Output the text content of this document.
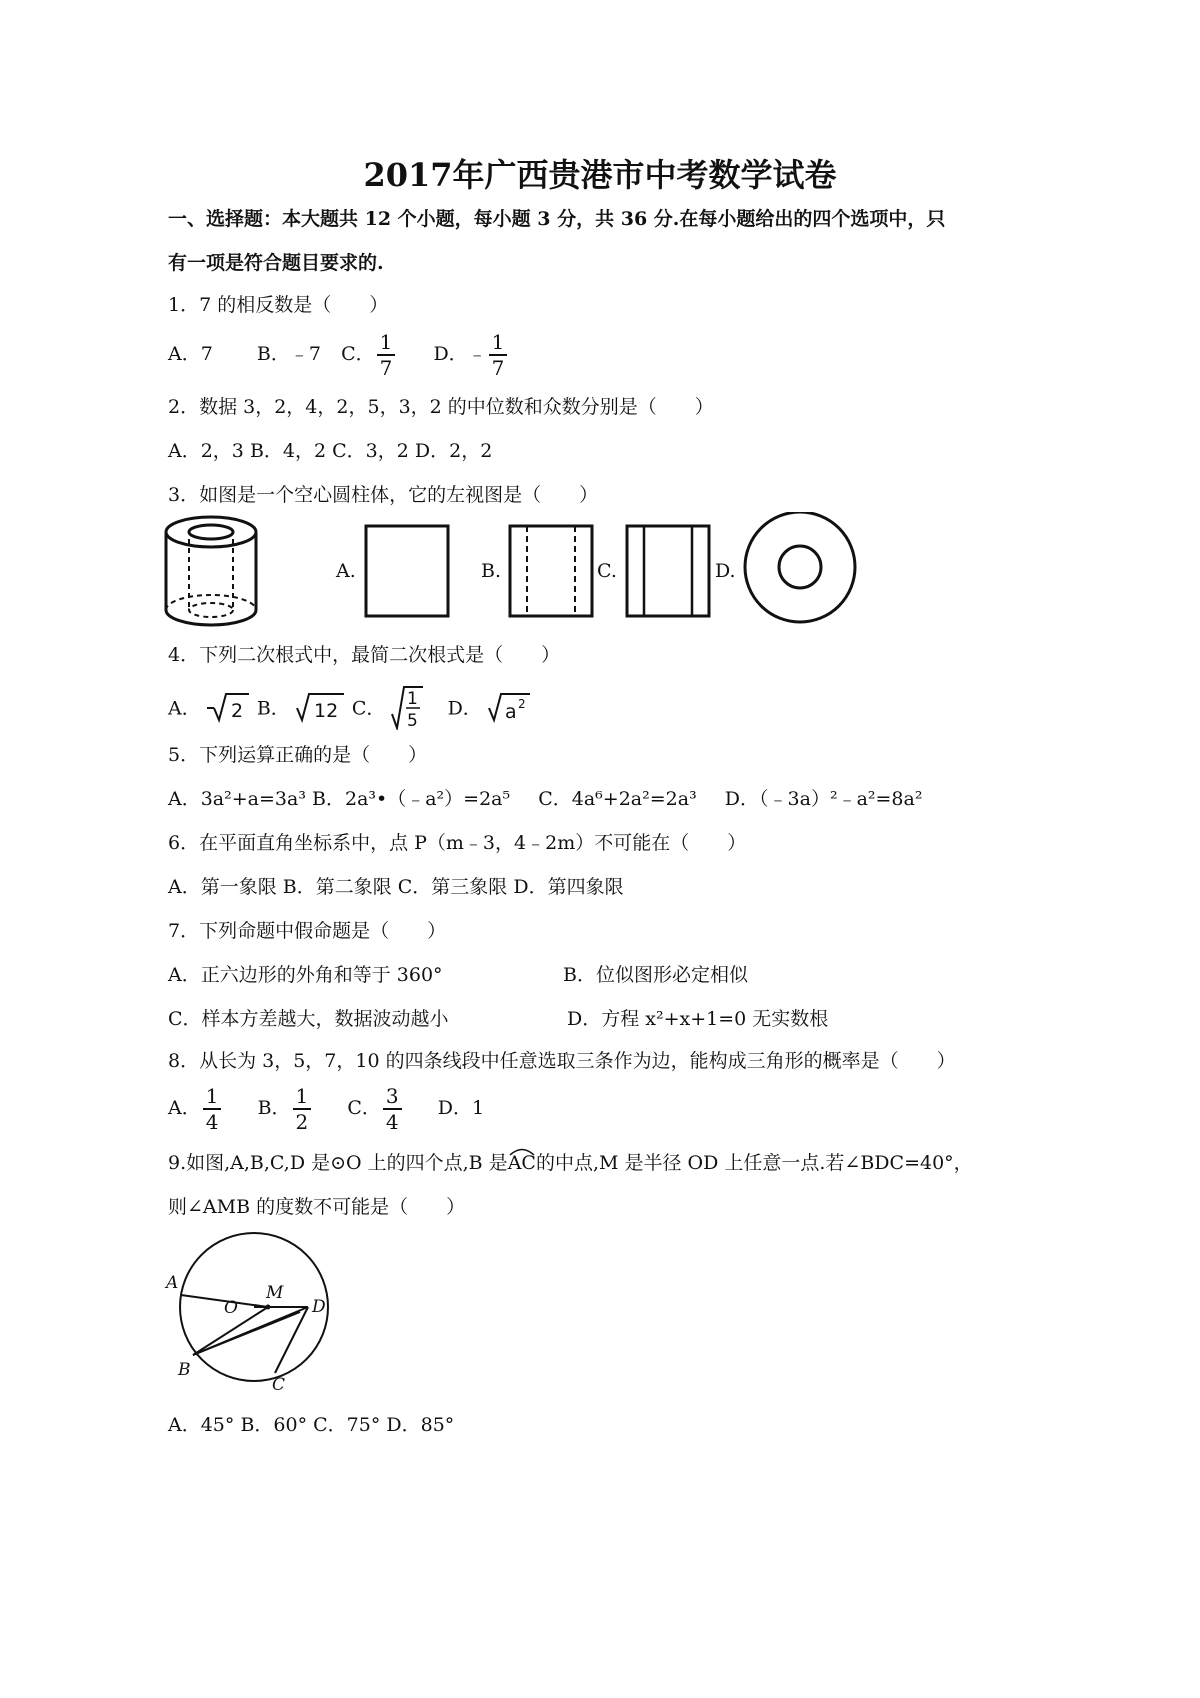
2017年广西贵港市中考数学试卷
一、选择题：本大题共 12 个小题，每小题 3 分，共 36 分.在每小题给出的四个选项中，只
有一项是符合题目要求的.
1．7 的相反数是（　　）
A．7 B．﹣7 C． $\frac{1}{7}$ D．﹣ $\frac{1}{7}$
2．数据 3，2，4，2，5，3，2 的中位数和众数分别是（　　）
A．2，3 B．4，2 C．3，2 D．2，2
3．如图是一个空心圆柱体，它的左视图是（　　）
A.	B.	C.	D.
4．下列二次根式中，最简二次根式是（　　）
A． 2 B． 12 C． 1
5
D． a 2
5．下列运算正确的是（　　）
A．3a²+a=3a³ B．2a³•（﹣a²）=2a⁵ C．4a⁶+2a²=2a³ D．（﹣3a）²﹣a²=8a²
6．在平面直角坐标系中，点 P（m﹣3，4﹣2m）不可能在（　　）
A．第一象限 B．第二象限 C．第三象限 D．第四象限
7．下列命题中假命题是（　　）
A．正六边形的外角和等于 360°	B．位似图形必定相似
C．样本方差越大，数据波动越小	D．方程 x²+x+1=0 无实数根
8．从长为 3，5，7，10 的四条线段中任意选取三条作为边，能构成三角形的概率是（　　）
A． $\frac{1}{4}$ B． $\frac{1}{2}$ C． $\frac{3}{4}$ D．1
9.如图,A,B,C,D 是⊙O 上的四个点,B 是
AC的中点,M 是半径 OD 上任意一点.若∠BDC=40°，
则∠AMB 的度数不可能是（　　）
A	M
O	D
B
C
A．45° B．60° C．75° D．85°
